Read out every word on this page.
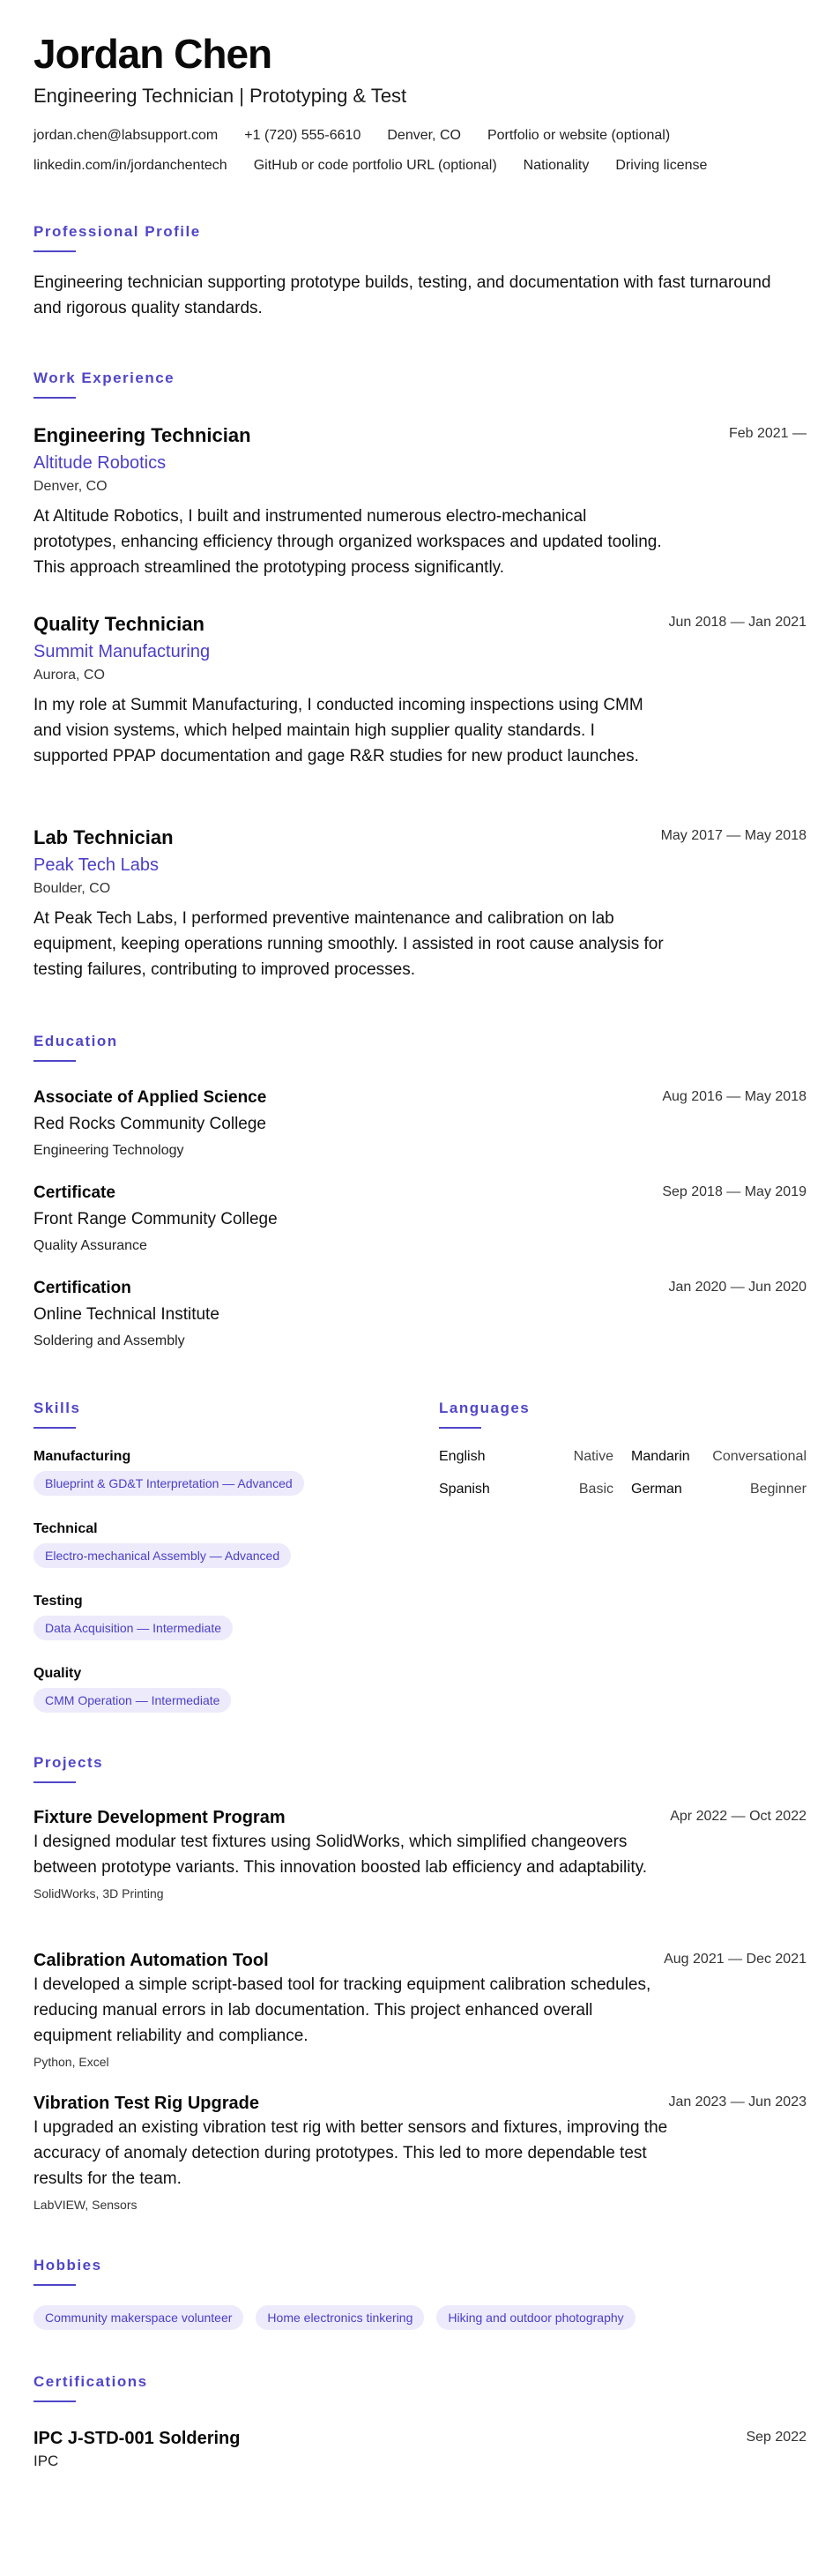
Jordan Chen
Engineering Technician | Prototyping & Test
jordan.chen@labsupport.com +1 (720) 555-6610 Denver, CO Portfolio or website (optional)
linkedin.com/in/jordanchentech GitHub or code portfolio URL (optional) Nationality Driving license
Professional Profile

Engineering technician supporting prototype builds, testing, and documentation with fast turnaround and rigorous quality standards.

Work Experience
Feb 2021 —
Engineering Technician
Altitude Robotics
Denver, CO

At Altitude Robotics, I built and instrumented numerous electro-mechanical prototypes, enhancing efficiency through organized workspaces and updated tooling. This approach streamlined the prototyping process significantly.

Jun 2018 — Jan 2021
Quality Technician
Summit Manufacturing
Aurora, CO

In my role at Summit Manufacturing, I conducted incoming inspections using CMM and vision systems, which helped maintain high supplier quality standards. I supported PPAP documentation and gage R&R studies for new product launches.

May 2017 — May 2018
Lab Technician
Peak Tech Labs
Boulder, CO

At Peak Tech Labs, I performed preventive maintenance and calibration on lab equipment, keeping operations running smoothly. I assisted in root cause analysis for testing failures, contributing to improved processes.

Education
Aug 2016 — May 2018
Associate of Applied Science
Red Rocks Community College
Engineering Technology
Sep 2018 — May 2019
Certificate
Front Range Community College
Quality Assurance
Jan 2020 — Jun 2020
Certification
Online Technical Institute
Soldering and Assembly
Skills
Manufacturing
Blueprint & GD&T Interpretation — Advanced
Technical
Electro-mechanical Assembly — Advanced
Testing
Data Acquisition — Intermediate
Quality
CMM Operation — Intermediate
Languages
English	Native Mandarin Conversational
Spanish	Basic German	Beginner
Projects
Apr 2022 — Oct 2022
Fixture Development Program

I designed modular test fixtures using SolidWorks, which simplified changeovers between prototype variants. This innovation boosted lab efficiency and adaptability.

SolidWorks, 3D Printing
Aug 2021 — Dec 2021
Calibration Automation Tool

I developed a simple script-based tool for tracking equipment calibration schedules, reducing manual errors in lab documentation. This project enhanced overall equipment reliability and compliance.

Python, Excel
Jan 2023 — Jun 2023
Vibration Test Rig Upgrade

I upgraded an existing vibration test rig with better sensors and fixtures, improving the accuracy of anomaly detection during prototypes. This led to more dependable test results for the team.

LabVIEW, Sensors
Hobbies
Community makerspace volunteer	Home electronics tinkering	Hiking and outdoor photography
Certifications
Sep 2022
IPC J-STD-001 Soldering
IPC
